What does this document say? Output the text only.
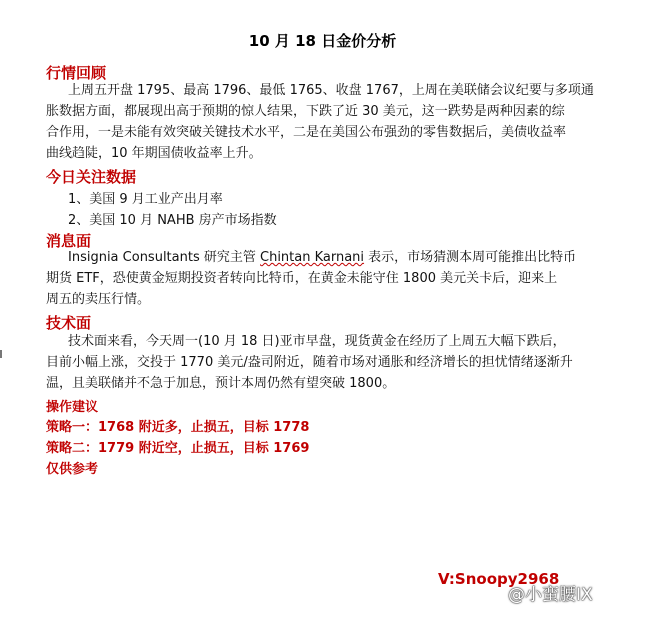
10 月 18 日金价分析
行情回顾
上周五开盘 1795、最高 1796、最低 1765、收盘 1767，上周在美联储会议纪要与多项通
胀数据方面，都展现出高于预期的惊人结果，下跌了近 30 美元，这一跌势是两种因素的综
合作用，一是未能有效突破关键技术水平，二是在美国公布强劲的零售数据后，美债收益率
曲线趋陡，10 年期国债收益率上升。
今日关注数据
1、美国 9 月工业产出月率
2、美国 10 月 NAHB 房产市场指数
消息面
Insignia Consultants 研究主管 Chintan Karnani 表示，市场猜测本周可能推出比特币
期货 ETF，恐使黄金短期投资者转向比特币，在黄金未能守住 1800 美元关卡后，迎来上
周五的卖压行情。
技术面
技术面来看，今天周一(10 月 18 日)亚市早盘，现货黄金在经历了上周五大幅下跌后，
目前小幅上涨，交投于 1770 美元/盎司附近，随着市场对通胀和经济增长的担忧情绪逐渐升
温，且美联储并不急于加息，预计本周仍然有望突破 1800。
操作建议
策略一：1768 附近多，止损五，目标 1778
策略二：1779 附近空，止损五，目标 1769
仅供参考
V:Snoopy2968
@小蛮腰IX
